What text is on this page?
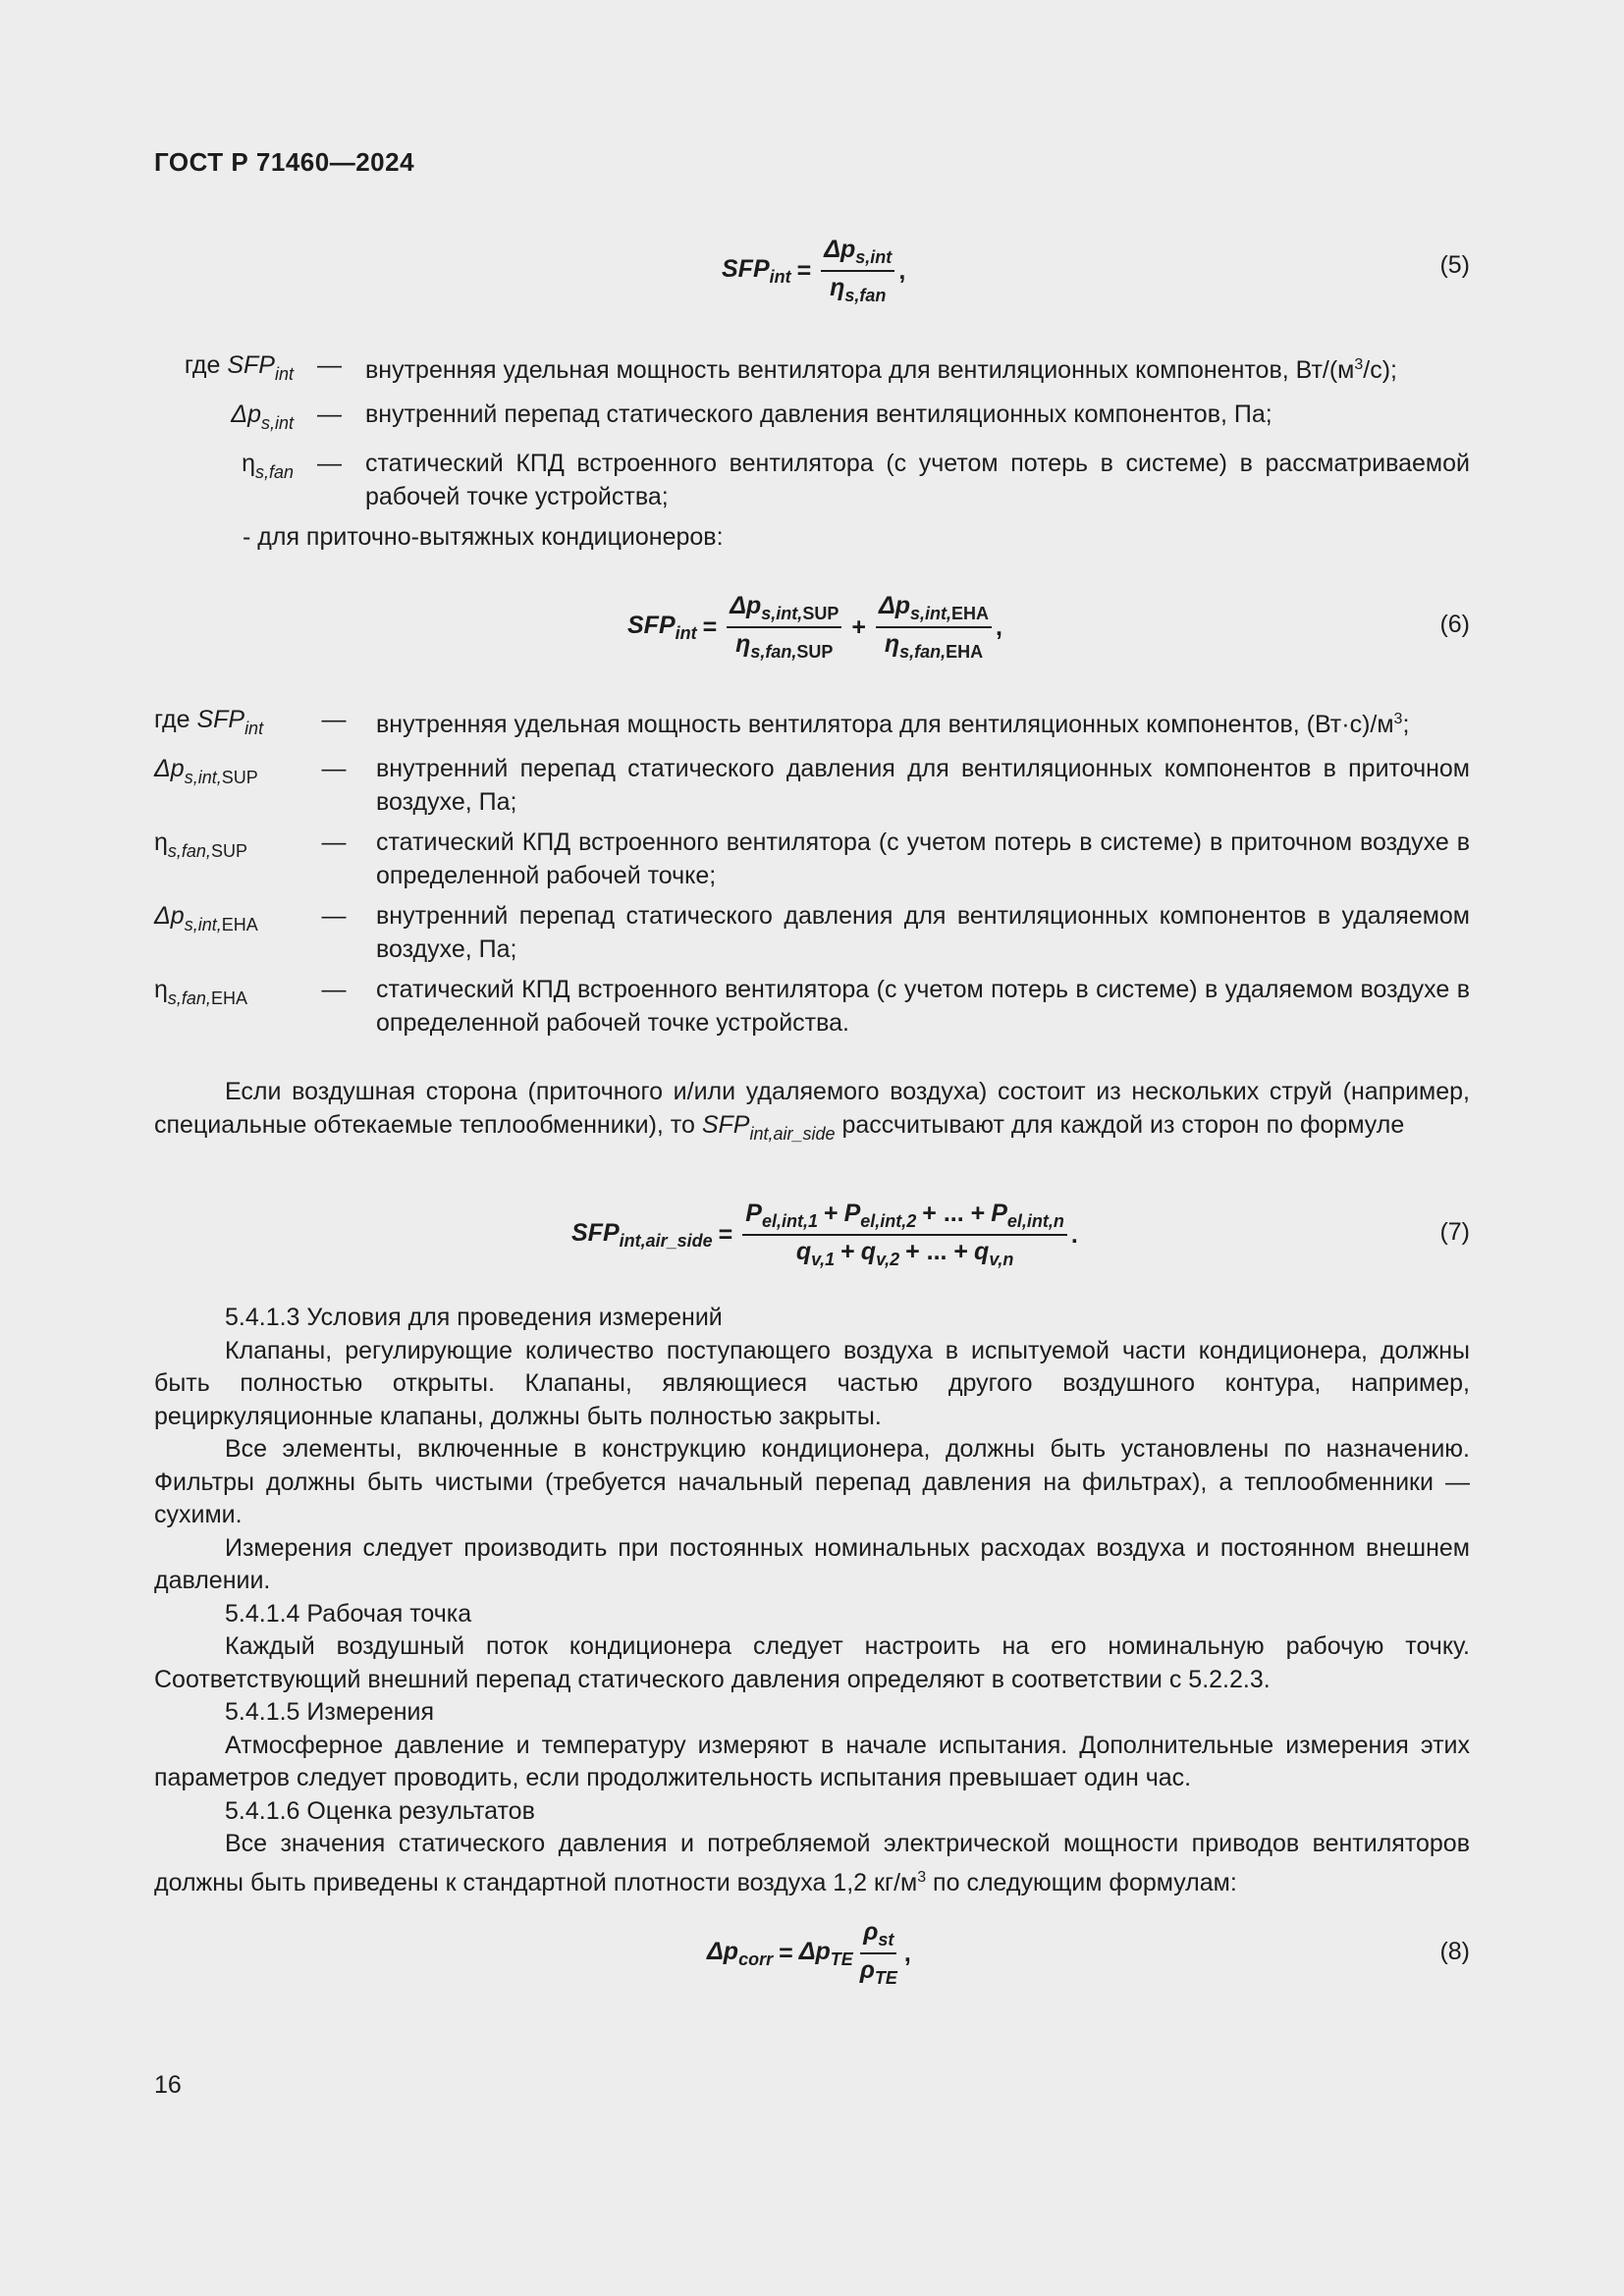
ГОСТ Р 71460—2024
$SFP_{int} = \frac{\Delta p_{s,int}}{\eta_{s,fan}}$ ,	(5)
где $SFP_{int}$ — внутренняя удельная мощность вентилятора для вентиляционных компонентов, $Вт/(м^3/с)$;
$\Delta p_{s,int}$ — внутренний перепад статического давления вентиляционных компонентов, Па;
$\eta_{s,fan}$ — статический КПД встроенного вентилятора (с учетом потерь в системе) в рассматриваемой рабочей точке устройства;
- для приточно-вытяжных кондиционеров:
$SFP_{int} = \frac{\Delta p_{s,int,SUP}}{\eta_{s,fan,SUP}} + \frac{\Delta p_{s,int,EHA}}{\eta_{s,fan,EHA}}$ ,	(6)
где $SFP_{int}$	—	внутренняя удельная мощность вентилятора для вентиляционных компонентов, $(Вт\cdot с)/м^3$;
$\Delta p_{s,int,SUP}$	—	внутренний перепад статического давления для вентиляционных компонентов в приточном воздухе, Па;
$\eta_{s,fan,SUP}$	—	статический КПД встроенного вентилятора (с учетом потерь в системе) в приточном воздухе в определенной рабочей точке;
$\Delta p_{s,int,EHA}$	—	внутренний перепад статического давления для вентиляционных компонентов в удаляемом воздухе, Па;
$\eta_{s,fan,EHA}$	—	статический КПД встроенного вентилятора (с учетом потерь в системе) в удаляемом воздухе в определенной рабочей точке устройства.

Если воздушная сторона (приточного и/или удаляемого воздуха) состоит из нескольких струй (например, специальные обтекаемые теплообменники), то $SFP_{int,air\_side}$ рассчитывают для каждой из сторон по формуле

$SFP_{int,air\_side} = \frac{P_{el,int,1} + P_{el,int,2} + ... + P_{el,int,n}}{q_{v,1} + q_{v,2} + ... + q_{v,n}}$ .	(7)

5.4.1.3 Условия для проведения измерений

Клапаны, регулирующие количество поступающего воздуха в испытуемой части кондиционера, должны быть полностью открыты. Клапаны, являющиеся частью другого воздушного контура, например, рециркуляционные клапаны, должны быть полностью закрыты.

Все элементы, включенные в конструкцию кондиционера, должны быть установлены по назначению. Фильтры должны быть чистыми (требуется начальный перепад давления на фильтрах), а теплообменники — сухими.

Измерения следует производить при постоянных номинальных расходах воздуха и постоянном внешнем давлении.

5.4.1.4 Рабочая точка

Каждый воздушный поток кондиционера следует настроить на его номинальную рабочую точку. Соответствующий внешний перепад статического давления определяют в соответствии с 5.2.2.3.

5.4.1.5 Измерения

Атмосферное давление и температуру измеряют в начале испытания. Дополнительные измерения этих параметров следует проводить, если продолжительность испытания превышает один час.

5.4.1.6 Оценка результатов

Все значения статического давления и потребляемой электрической мощности приводов вентиляторов должны быть приведены к стандартной плотности воздуха 1,2 $кг/м^3$ по следующим формулам:

$\Delta p_{corr} = \Delta p_{TE} \frac{\rho_{st}}{\rho_{TE}}$ ,	(8)
16
